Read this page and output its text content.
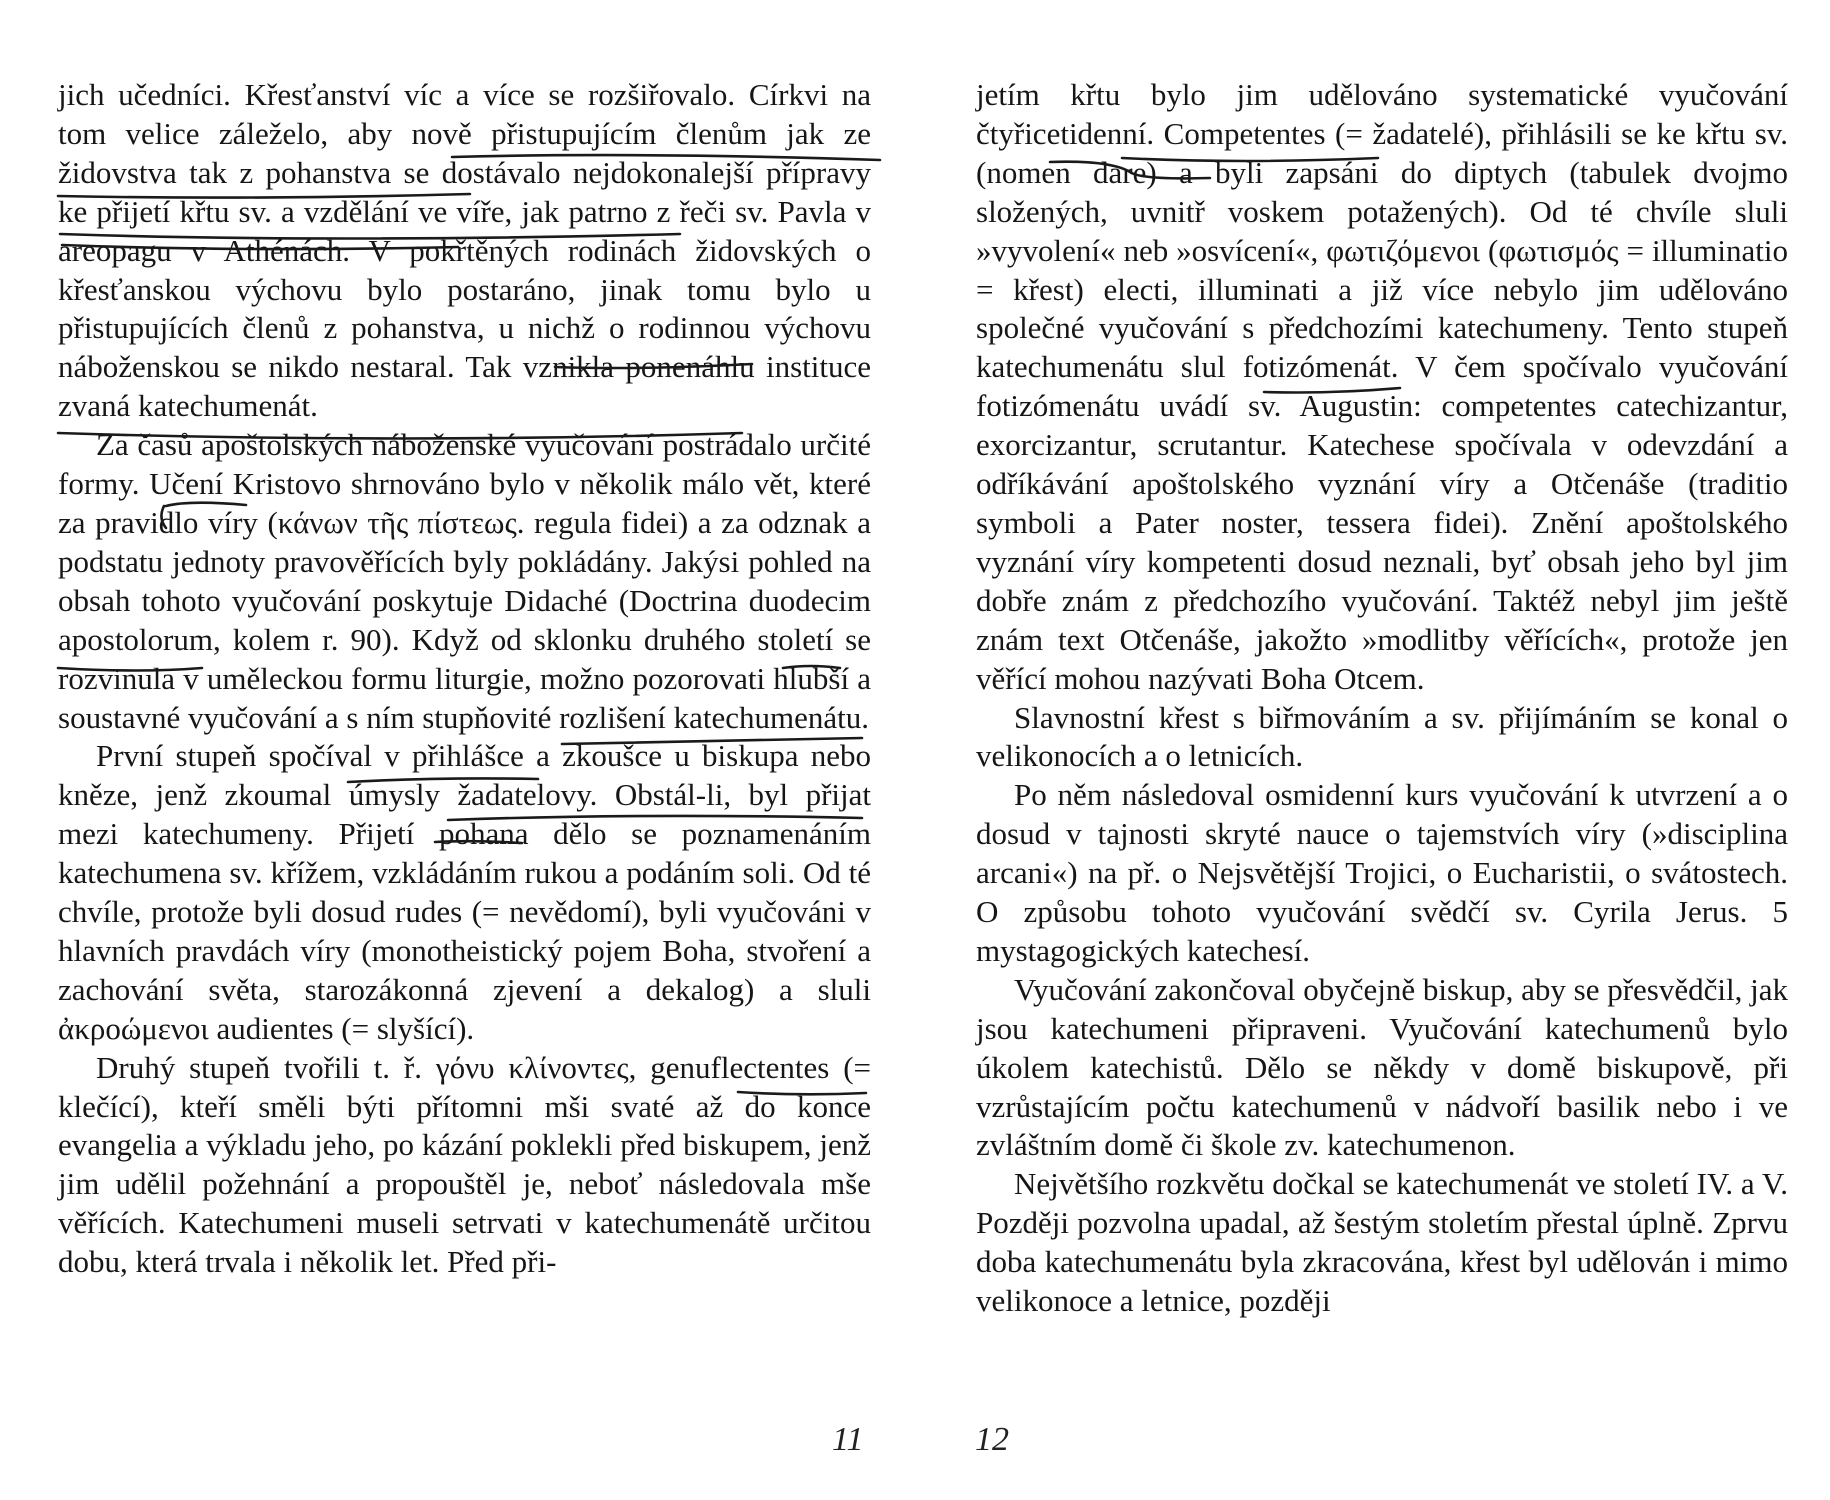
jich učedníci. Křesťanství víc a více se rozšiřovalo. Církvi na tom velice záleželo, aby nově přistupujícím členům jak ze židovstva tak z pohanstva se dostávalo nejdokonalejší přípravy ke přijetí křtu sv. a vzdělání ve víře, jak patrno z řeči sv. Pavla v areopagu v Athénách. V pokřtěných rodinách židovských o křesťanskou výchovu bylo postaráno, jinak tomu bylo u přistupujících členů z pohanstva, u nichž o rodinnou výchovu náboženskou se nikdo nestaral. Tak vznikla ponenáhlu instituce zvaná katechumenát.

Za časů apoštolských náboženské vyučování postrádalo určité formy. Učení Kristovo shrnováno bylo v několik málo vět, které za pravidlo víry (κάνων τῆς πίστεως. regula fidei) a za odznak a podstatu jednoty pravověřících byly pokládány. Jakýsi pohled na obsah tohoto vyučování poskytuje Didaché (Doctrina duodecim apostolorum, kolem r. 90). Když od sklonku druhého století se rozvinula v uměleckou formu liturgie, možno pozorovati hlubší a soustavné vyučování a s ním stupňovité rozlišení katechumenátu.

První stupeň spočíval v přihlášce a zkoušce u biskupa nebo kněze, jenž zkoumal úmysly žadatelovy. Obstál-li, byl přijat mezi katechumeny. Přijetí pohana dělo se poznamenáním katechumena sv. křížem, vzkládáním rukou a podáním soli. Od té chvíle, protože byli dosud rudes (= nevědomí), byli vyučováni v hlavních pravdách víry (monotheistický pojem Boha, stvoření a zachování světa, starozákonná zjevení a dekalog) a sluli ἀκροώμενοι audientes (= slyšící).

Druhý stupeň tvořili t. ř. γόνυ κλίνοντες, genuflectentes (= klečící), kteří směli býti přítomni mši svaté až do konce evangelia a výkladu jeho, po kázání poklekli před biskupem, jenž jim udělil požehnání a propouštěl je, neboť následovala mše věřících. Katechumeni museli setrvati v katechumenátě určitou dobu, která trvala i několik let. Před při-

jetím křtu bylo jim udělováno systematické vyučování čtyřicetidenní. Competentes (= žadatelé), přihlásili se ke křtu sv. (nomen dare) a byli zapsáni do diptych (tabulek dvojmo složených, uvnitř voskem potažených). Od té chvíle sluli »vyvolení« neb »osvícení«, φωτιζόμενοι (φωτισμός = illuminatio = křest) electi, illuminati a již více nebylo jim udělováno společné vyučování s předchozími katechumeny. Tento stupeň katechumenátu slul fotizómenát. V čem spočívalo vyučování fotizómenátu uvádí sv. Augustin: competentes catechizantur, exorcizantur, scrutantur. Katechese spočívala v odevzdání a odříkávání apoštolského vyznání víry a Otčenáše (traditio symboli a Pater noster, tessera fidei). Znění apoštolského vyznání víry kompetenti dosud neznali, byť obsah jeho byl jim dobře znám z předchozího vyučování. Taktéž nebyl jim ještě znám text Otčenáše, jakožto »modlitby věřících«, protože jen věřící mohou nazývati Boha Otcem.

Slavnostní křest s biřmováním a sv. přijímáním se konal o velikonocích a o letnicích.

Po něm následoval osmidenní kurs vyučování k utvrzení a o dosud v tajnosti skryté nauce o tajemstvích víry (»disciplina arcani«) na př. o Nejsvětější Trojici, o Eucharistii, o svátostech. O způsobu tohoto vyučování svědčí sv. Cyrila Jerus. 5 mystagogických katechesí.

Vyučování zakončoval obyčejně biskup, aby se přesvědčil, jak jsou katechumeni připraveni. Vyučování katechumenů bylo úkolem katechistů. Dělo se někdy v domě biskupově, při vzrůstajícím počtu katechumenů v nádvoří basilik nebo i ve zvláštním domě či škole zv. katechumenon.

Největšího rozkvětu dočkal se katechumenát ve století IV. a V. Později pozvolna upadal, až šestým stoletím přestal úplně. Zprvu doba katechumenátu byla zkracována, křest byl udělován i mimo velikonoce a letnice, později

11	12
